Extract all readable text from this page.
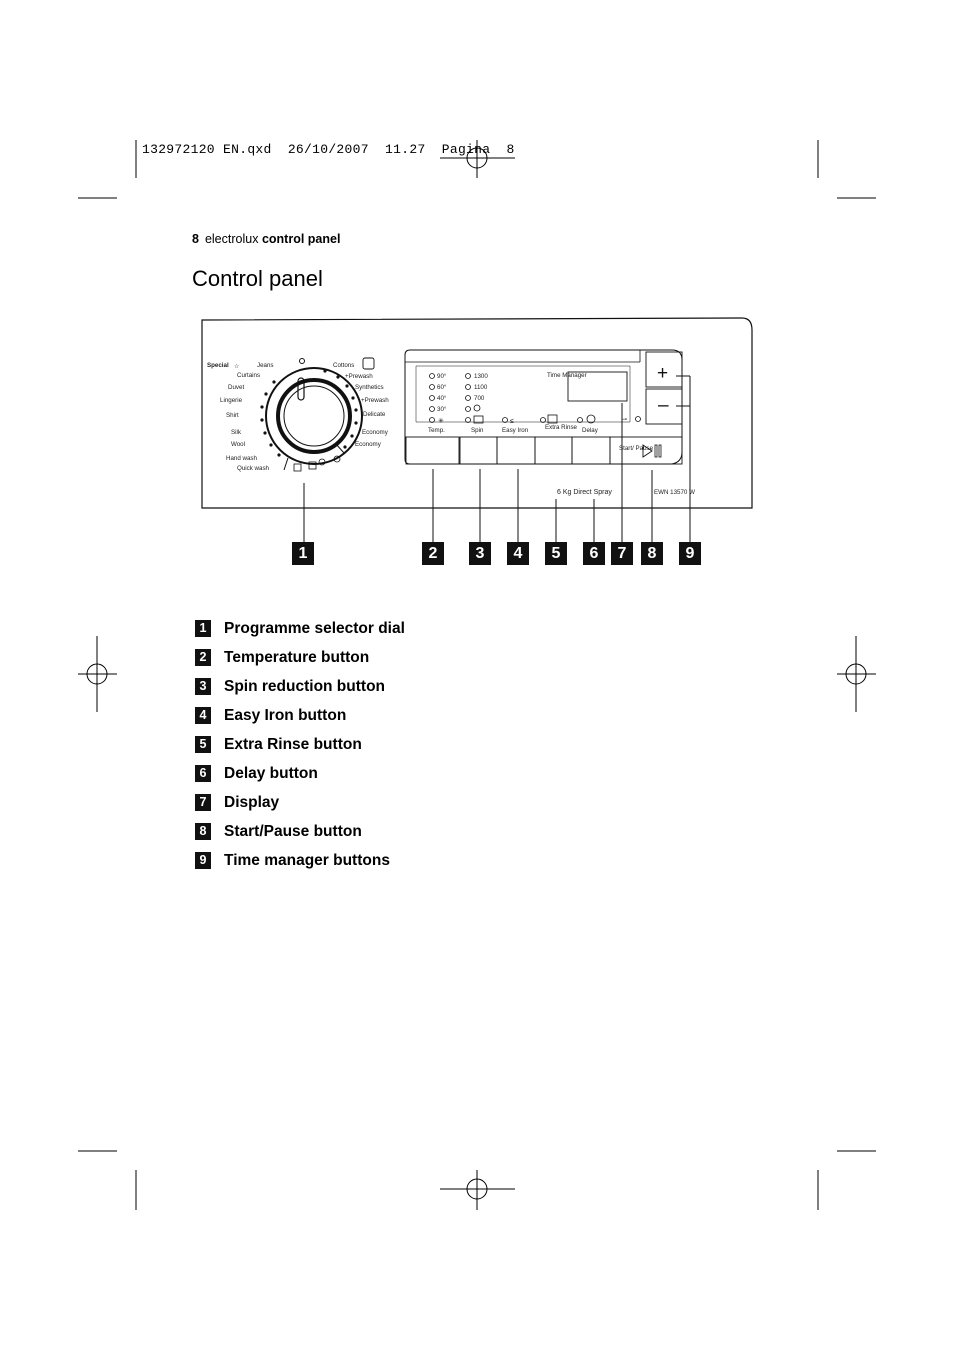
132972120 EN.qxd  26/10/2007  11.27  Pagina  8
8 electrolux control panel
Control panel
Special ☆	Jeans
Curtains
Duvet
Lingerie
Shirt
Silk
Wool
Hand wash
Quick wash
Cottons
+Prewash
Synthetics
+Prewash
Delicate
Economy
Economy
90°
60°
40°
30°
✳
Temp.
1300
1100
700
Spin
≤
Easy Iron	Extra Rinse Delay
Time Manager
⊸
Start/ Pause
+
–
6 Kg Direct Spray	EWN 13570 W
1	2	3	4	5	6	7	8	9
1 Programme selector dial
2 Temperature button
3 Spin reduction button
4 Easy Iron button
5 Extra Rinse button
6 Delay button
7 Display
8 Start/Pause button
9 Time manager buttons
